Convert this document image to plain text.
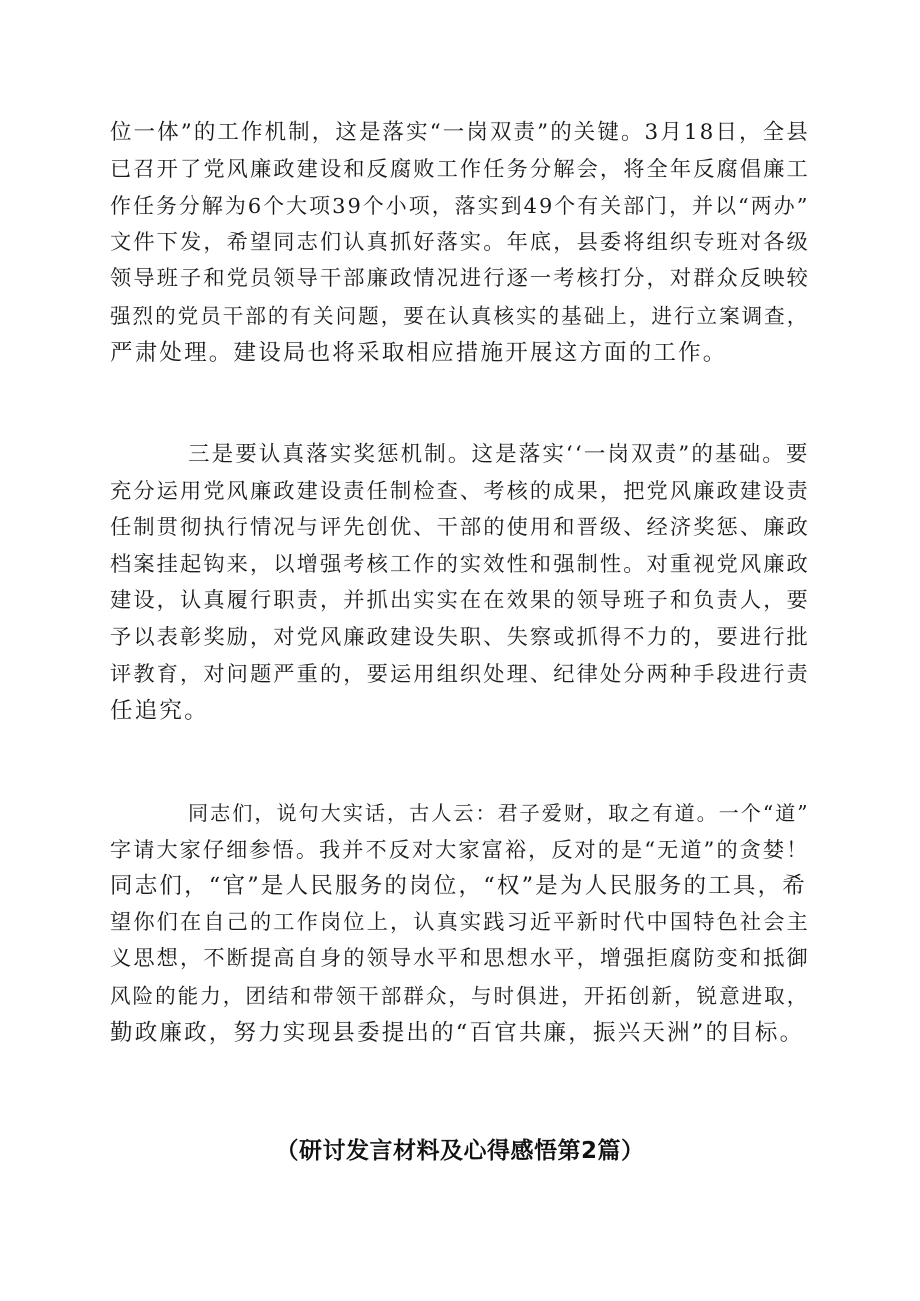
位一体”的工作机制，这是落实“一岗双责”的关键。3月18日，全县
已召开了党风廉政建设和反腐败工作任务分解会，将全年反腐倡廉工
作任务分解为6个大项39个小项，落实到49个有关部门，并以“两办”
文件下发，希望同志们认真抓好落实。年底，县委将组织专班对各级
领导班子和党员领导干部廉政情况进行逐一考核打分，对群众反映较
强烈的党员干部的有关问题，要在认真核实的基础上，进行立案调查，
严肃处理。建设局也将采取相应措施开展这方面的工作。

三是要认真落实奖惩机制。这是落实‘‘一岗双责”的基础。要
充分运用党风廉政建设责任制检查、考核的成果，把党风廉政建设责
任制贯彻执行情况与评先创优、干部的使用和晋级、经济奖惩、廉政
档案挂起钩来，以增强考核工作的实效性和强制性。对重视党风廉政
建设，认真履行职责，并抓出实实在在效果的领导班子和负责人，要
予以表彰奖励，对党风廉政建设失职、失察或抓得不力的，要进行批
评教育，对问题严重的，要运用组织处理、纪律处分两种手段进行责
任追究。

同志们，说句大实话，古人云：君子爱财，取之有道。一个“道”
字请大家仔细参悟。我并不反对大家富裕，反对的是“无道”的贪婪！
同志们，“官”是人民服务的岗位，“权”是为人民服务的工具，希
望你们在自己的工作岗位上，认真实践习近平新时代中国特色社会主
义思想，不断提高自身的领导水平和思想水平，增强拒腐防变和抵御
风险的能力，团结和带领干部群众，与时俱进，开拓创新，锐意进取，
勤政廉政，努力实现县委提出的“百官共廉，振兴天洲”的目标。

（研讨发言材料及心得感悟第2篇）
